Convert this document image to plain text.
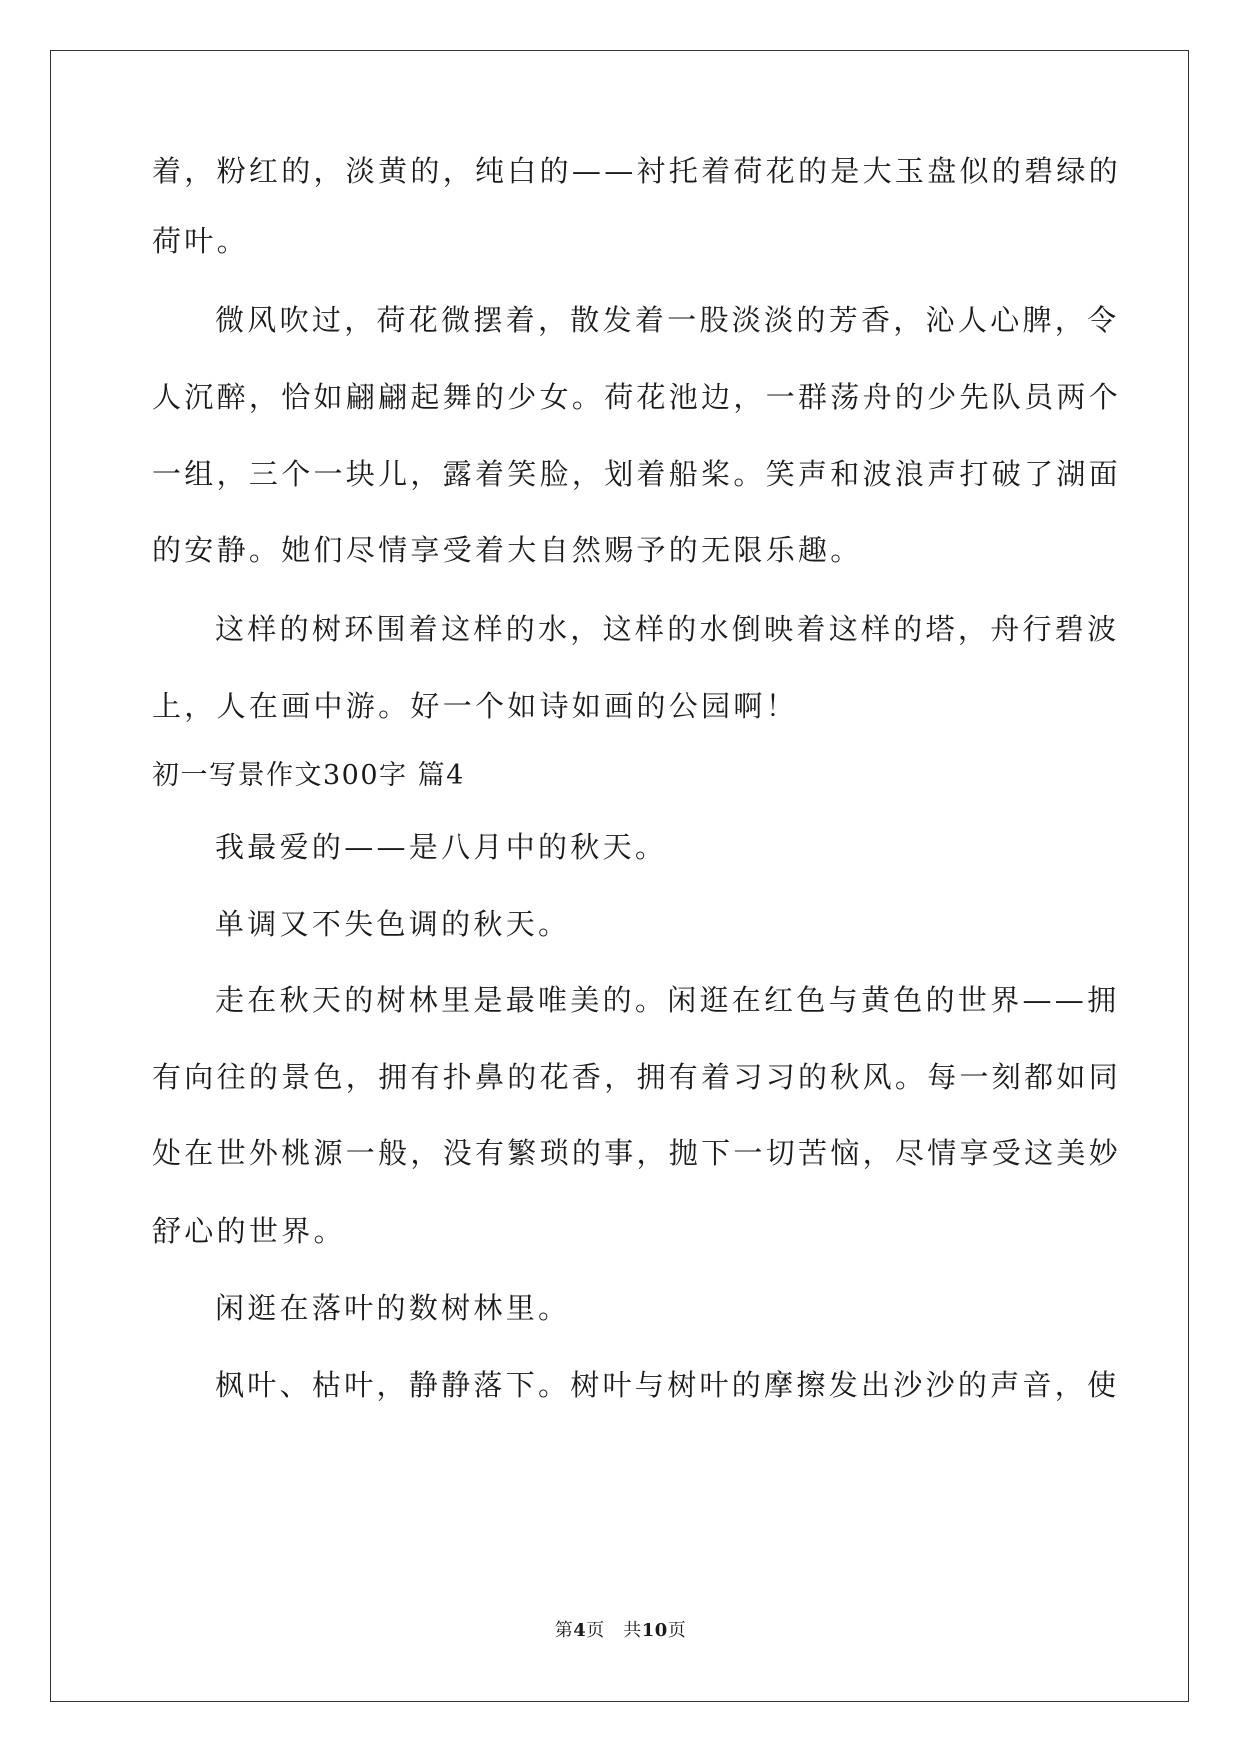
着，粉红的，淡黄的，纯白的——衬托着荷花的是大玉盘似的碧绿的
荷叶。
微风吹过，荷花微摆着，散发着一股淡淡的芳香，沁人心脾，令
人沉醉，恰如翩翩起舞的少女。荷花池边，一群荡舟的少先队员两个
一组，三个一块儿，露着笑脸，划着船桨。笑声和波浪声打破了湖面
的安静。她们尽情享受着大自然赐予的无限乐趣。
这样的树环围着这样的水，这样的水倒映着这样的塔，舟行碧波
上，人在画中游。好一个如诗如画的公园啊！
初一写景作文300字 篇4
我最爱的——是八月中的秋天。
单调又不失色调的秋天。
走在秋天的树林里是最唯美的。闲逛在红色与黄色的世界——拥
有向往的景色，拥有扑鼻的花香，拥有着习习的秋风。每一刻都如同
处在世外桃源一般，没有繁琐的事，抛下一切苦恼，尽情享受这美妙
舒心的世界。
闲逛在落叶的数树林里。
枫叶、枯叶，静静落下。树叶与树叶的摩擦发出沙沙的声音，使
第4页　共10页
